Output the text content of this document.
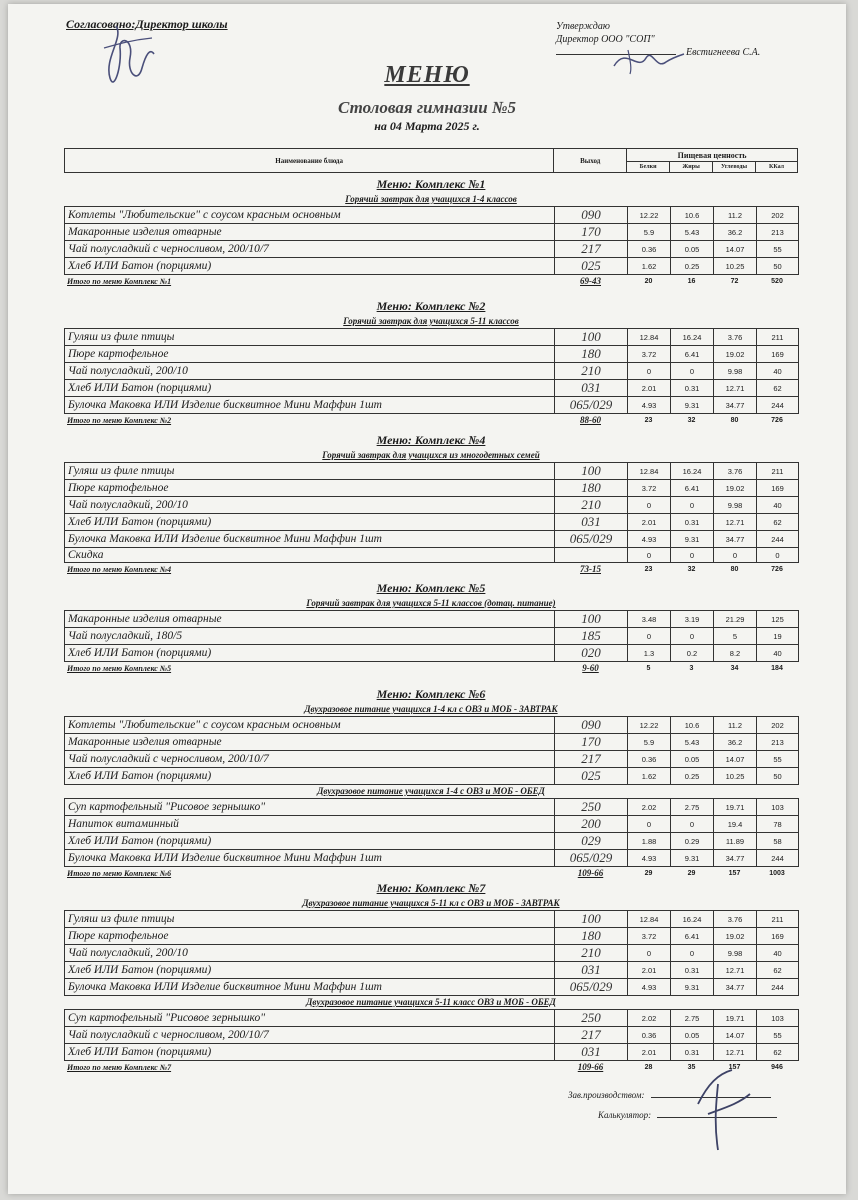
Согласовано:Директор школы	Утверждаю
Директор ООО "СОП"
Евстигнеева С.А.
МЕНЮ
Столовая гимназии №5
на 04 Марта 2025 г.
Наименование блюда	Выход	Пищевая ценность			
		Белки	Жиры	Углеводы	ККал
Меню: Комплекс №1
Горячий завтрак для учащихся 1-4 классов
Котлеты "Любительские" с соусом красным основным	090	12.22	10.6	11.2	202
Макаронные изделия отварные	170	5.9	5.43	36.2	213
Чай полусладкий с черносливом, 200/10/7	217	0.36	0.05	14.07	55
Хлеб ИЛИ Батон (порциями)	025	1.62	0.25	10.25	50
Итого по меню Комплекс №1	69-43	20	16	72	520
Меню: Комплекс №2
Горячий завтрак для учащихся 5-11 классов
Гуляш из филе птицы	100	12.84	16.24	3.76	211
Пюре картофельное	180	3.72	6.41	19.02	169
Чай полусладкий, 200/10	210	0	0	9.98	40
Хлеб ИЛИ Батон (порциями)	031	2.01	0.31	12.71	62
Булочка Маковка ИЛИ Изделие бисквитное Мини Маффин 1шт	065/029	4.93	9.31	34.77	244
Итого по меню Комплекс №2	88-60	23	32	80	726
Меню: Комплекс №4
Горячий завтрак для учащихся из многодетных семей
Гуляш из филе птицы	100	12.84	16.24	3.76	211
Пюре картофельное	180	3.72	6.41	19.02	169
Чай полусладкий, 200/10	210	0	0	9.98	40
Хлеб ИЛИ Батон (порциями)	031	2.01	0.31	12.71	62
Булочка Маковка ИЛИ Изделие бисквитное Мини Маффин 1шт	065/029	4.93	9.31	34.77	244
Скидка		0	0	0	0
Итого по меню Комплекс №4	73-15	23	32	80	726
Меню: Комплекс №5
Горячий завтрак для учащихся 5-11 классов (дотац. питание)
Макаронные изделия отварные	100	3.48	3.19	21.29	125
Чай полусладкий, 180/5	185	0	0	5	19
Хлеб ИЛИ Батон (порциями)	020	1.3	0.2	8.2	40
Итого по меню Комплекс №5	9-60	5	3	34	184
Меню: Комплекс №6
Двухразовое питание учащихся 1-4 кл с ОВЗ и МОБ - ЗАВТРАК
Котлеты "Любительские" с соусом красным основным	090	12.22	10.6	11.2	202
Макаронные изделия отварные	170	5.9	5.43	36.2	213
Чай полусладкий с черносливом, 200/10/7	217	0.36	0.05	14.07	55
Хлеб ИЛИ Батон (порциями)	025	1.62	0.25	10.25	50
Двухразовое питание учащихся 1-4 с ОВЗ и МОБ - ОБЕД
Суп картофельный "Рисовое зернышко"	250	2.02	2.75	19.71	103
Напиток витаминный	200	0	0	19.4	78
Хлеб ИЛИ Батон (порциями)	029	1.88	0.29	11.89	58
Булочка Маковка ИЛИ Изделие бисквитное Мини Маффин 1шт	065/029	4.93	9.31	34.77	244
Итого по меню Комплекс №6	109-66	29	29	157	1003
Меню: Комплекс №7
Двухразовое питание учащихся 5-11 кл с ОВЗ и МОБ - ЗАВТРАК
Гуляш из филе птицы	100	12.84	16.24	3.76	211
Пюре картофельное	180	3.72	6.41	19.02	169
Чай полусладкий, 200/10	210	0	0	9.98	40
Хлеб ИЛИ Батон (порциями)	031	2.01	0.31	12.71	62
Булочка Маковка ИЛИ Изделие бисквитное Мини Маффин 1шт	065/029	4.93	9.31	34.77	244
Двухразовое питание учащихся 5-11 класс ОВЗ и МОБ - ОБЕД
Суп картофельный "Рисовое зернышко"	250	2.02	2.75	19.71	103
Чай полусладкий с черносливом, 200/10/7	217	0.36	0.05	14.07	55
Хлеб ИЛИ Батон (порциями)	031	2.01	0.31	12.71	62
Итого по меню Комплекс №7	109-66	28	35	157	946
Зав.производством:
Калькулятор:
